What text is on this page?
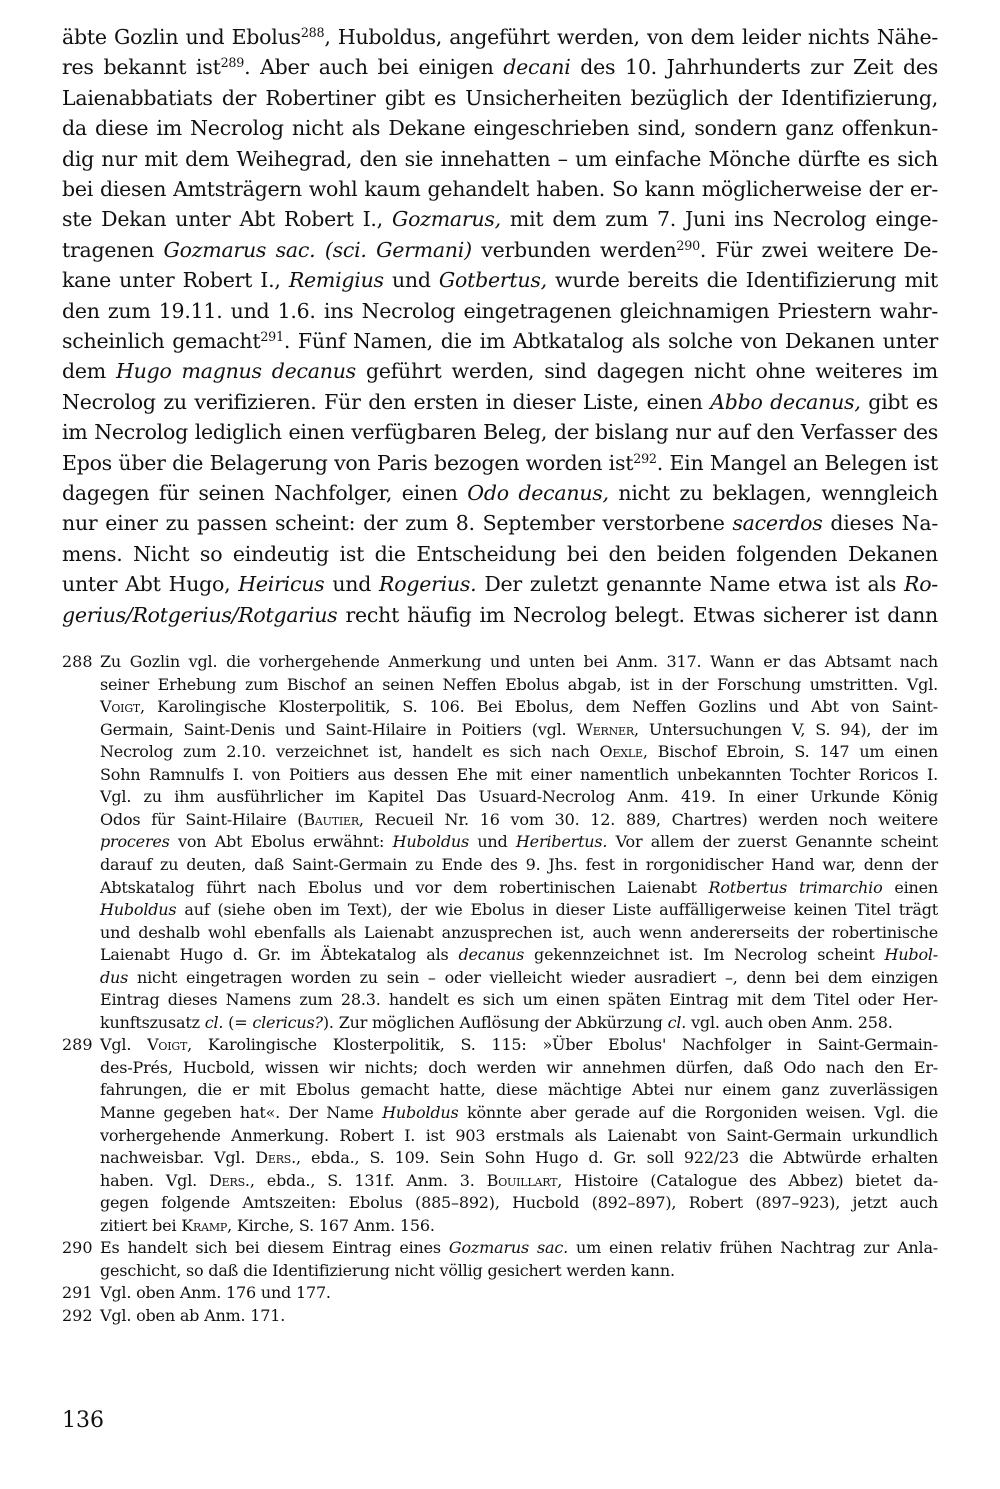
äbte Gozlin und Ebolus$^{288}$, Huboldus, angeführt werden, von dem leider nichts Nähe-
res bekannt ist$^{289}$. Aber auch bei einigen decani des 10. Jahrhunderts zur Zeit des
Laienabbatiats der Robertiner gibt es Unsicherheiten bezüglich der Identifizierung,
da diese im Necrolog nicht als Dekane eingeschrieben sind, sondern ganz offenkun-
dig nur mit dem Weihegrad, den sie innehatten – um einfache Mönche dürfte es sich
bei diesen Amtsträgern wohl kaum gehandelt haben. So kann möglicherweise der er-
ste Dekan unter Abt Robert I., Gozmarus, mit dem zum 7. Juni ins Necrolog einge-
tragenen Gozmarus sac. (sci. Germani) verbunden werden$^{290}$. Für zwei weitere De-
kane unter Robert I., Remigius und Gotbertus, wurde bereits die Identifizierung mit
den zum 19.11. und 1.6. ins Necrolog eingetragenen gleichnamigen Priestern wahr-
scheinlich gemacht$^{291}$. Fünf Namen, die im Abtkatalog als solche von Dekanen unter
dem Hugo magnus decanus geführt werden, sind dagegen nicht ohne weiteres im
Necrolog zu verifizieren. Für den ersten in dieser Liste, einen Abbo decanus, gibt es
im Necrolog lediglich einen verfügbaren Beleg, der bislang nur auf den Verfasser des
Epos über die Belagerung von Paris bezogen worden ist$^{292}$. Ein Mangel an Belegen ist
dagegen für seinen Nachfolger, einen Odo decanus, nicht zu beklagen, wenngleich
nur einer zu passen scheint: der zum 8. September verstorbene sacerdos dieses Na-
mens. Nicht so eindeutig ist die Entscheidung bei den beiden folgenden Dekanen
unter Abt Hugo, Heiricus und Rogerius. Der zuletzt genannte Name etwa ist als Ro-
gerius/Rotgerius/Rotgarius recht häufig im Necrolog belegt. Etwas sicherer ist dann
288 Zu Gozlin vgl. die vorhergehende Anmerkung und unten bei Anm. 317. Wann er das Abtsamt nach
seiner Erhebung zum Bischof an seinen Neffen Ebolus abgab, ist in der Forschung umstritten. Vgl.
Voigt, Karolingische Klosterpolitik, S. 106. Bei Ebolus, dem Neffen Gozlins und Abt von Saint-
Germain, Saint-Denis und Saint-Hilaire in Poitiers (vgl. Werner, Untersuchungen V, S. 94), der im
Necrolog zum 2.10. verzeichnet ist, handelt es sich nach Oexle, Bischof Ebroin, S. 147 um einen
Sohn Ramnulfs I. von Poitiers aus dessen Ehe mit einer namentlich unbekannten Tochter Roricos I.
Vgl. zu ihm ausführlicher im Kapitel Das Usuard-Necrolog Anm. 419. In einer Urkunde König
Odos für Saint-Hilaire (Bautier, Recueil Nr. 16 vom 30. 12. 889, Chartres) werden noch weitere
proceres von Abt Ebolus erwähnt: Huboldus und Heribertus. Vor allem der zuerst Genannte scheint
darauf zu deuten, daß Saint-Germain zu Ende des 9. Jhs. fest in rorgonidischer Hand war, denn der
Abtskatalog führt nach Ebolus und vor dem robertinischen Laienabt Rotbertus trimarchio einen
Huboldus auf (siehe oben im Text), der wie Ebolus in dieser Liste auffälligerweise keinen Titel trägt
und deshalb wohl ebenfalls als Laienabt anzusprechen ist, auch wenn andererseits der robertinische
Laienabt Hugo d. Gr. im Äbtekatalog als decanus gekennzeichnet ist. Im Necrolog scheint Hubol-
dus nicht eingetragen worden zu sein – oder vielleicht wieder ausradiert –, denn bei dem einzigen
Eintrag dieses Namens zum 28.3. handelt es sich um einen späten Eintrag mit dem Titel oder Her-
kunftszusatz cl. (= clericus?). Zur möglichen Auflösung der Abkürzung cl. vgl. auch oben Anm. 258.
289 Vgl. Voigt, Karolingische Klosterpolitik, S. 115: »Über Ebolus' Nachfolger in Saint-Germain-
des-Prés, Hucbold, wissen wir nichts; doch werden wir annehmen dürfen, daß Odo nach den Er-
fahrungen, die er mit Ebolus gemacht hatte, diese mächtige Abtei nur einem ganz zuverlässigen
Manne gegeben hat«. Der Name Huboldus könnte aber gerade auf die Rorgoniden weisen. Vgl. die
vorhergehende Anmerkung. Robert I. ist 903 erstmals als Laienabt von Saint-Germain urkundlich
nachweisbar. Vgl. Ders., ebda., S. 109. Sein Sohn Hugo d. Gr. soll 922/23 die Abtwürde erhalten
haben. Vgl. Ders., ebda., S. 131f. Anm. 3. Bouillart, Histoire (Catalogue des Abbez) bietet da-
gegen folgende Amtszeiten: Ebolus (885–892), Hucbold (892–897), Robert (897–923), jetzt auch
zitiert bei Kramp, Kirche, S. 167 Anm. 156.
290 Es handelt sich bei diesem Eintrag eines Gozmarus sac. um einen relativ frühen Nachtrag zur Anla-
geschicht, so daß die Identifizierung nicht völlig gesichert werden kann.
291 Vgl. oben Anm. 176 und 177.
292 Vgl. oben ab Anm. 171.
136
